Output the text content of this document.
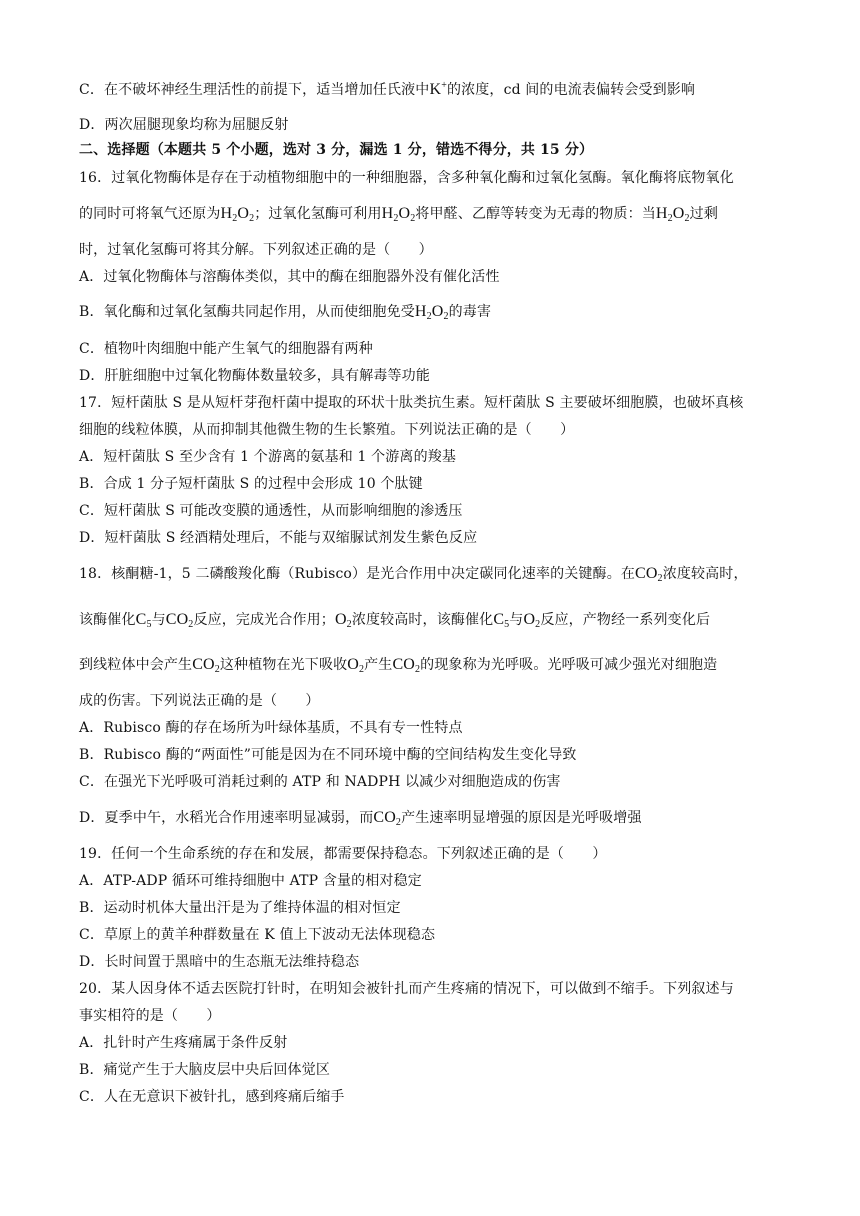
C．在不破坏神经生理活性的前提下，适当增加任氏液中K+的浓度，cd 间的电流表偏转会受到影响
D．两次屈腿现象均称为屈腿反射
二、选择题（本题共 5 个小题，选对 3 分，漏选 1 分，错选不得分，共 15 分）
16．过氧化物酶体是存在于动植物细胞中的一种细胞器，含多种氧化酶和过氧化氢酶。氧化酶将底物氧化
的同时可将氧气还原为$H_2O_2$；过氧化氢酶可利用$H_2O_2$将甲醛、乙醇等转变为无毒的物质：当$H_2O_2$过剩
时，过氧化氢酶可将其分解。下列叙述正确的是（　　）
A．过氧化物酶体与溶酶体类似，其中的酶在细胞器外没有催化活性
B．氧化酶和过氧化氢酶共同起作用，从而使细胞免受$H_2O_2$的毒害
C．植物叶肉细胞中能产生氧气的细胞器有两种
D．肝脏细胞中过氧化物酶体数量较多，具有解毒等功能
17．短杆菌肽 S 是从短杆芽孢杆菌中提取的环状十肽类抗生素。短杆菌肽 S 主要破坏细胞膜，也破坏真核
细胞的线粒体膜，从而抑制其他微生物的生长繁殖。下列说法正确的是（　　）
A．短杆菌肽 S 至少含有 1 个游离的氨基和 1 个游离的羧基
B．合成 1 分子短杆菌肽 S 的过程中会形成 10 个肽键
C．短杆菌肽 S 可能改变膜的通透性，从而影响细胞的渗透压
D．短杆菌肽 S 经酒精处理后，不能与双缩脲试剂发生紫色反应
18．核酮糖-1，5 二磷酸羧化酶（Rubisco）是光合作用中决定碳同化速率的关键酶。在$CO_2$浓度较高时，
该酶催化$C_5$与$CO_2$反应，完成光合作用；$O_2$浓度较高时，该酶催化$C_5$与$O_2$反应，产物经一系列变化后
到线粒体中会产生$CO_2$这种植物在光下吸收$O_2$产生$CO_2$的现象称为光呼吸。光呼吸可减少强光对细胞造
成的伤害。下列说法正确的是（　　）
A．Rubisco 酶的存在场所为叶绿体基质，不具有专一性特点
B．Rubisco 酶的“两面性”可能是因为在不同环境中酶的空间结构发生变化导致
C．在强光下光呼吸可消耗过剩的 ATP 和 NADPH 以减少对细胞造成的伤害
D．夏季中午，水稻光合作用速率明显减弱，而$CO_2$产生速率明显增强的原因是光呼吸增强
19．任何一个生命系统的存在和发展，都需要保持稳态。下列叙述正确的是（　　）
A．ATP-ADP 循环可维持细胞中 ATP 含量的相对稳定
B．运动时机体大量出汗是为了维持体温的相对恒定
C．草原上的黄羊种群数量在 K 值上下波动无法体现稳态
D．长时间置于黑暗中的生态瓶无法维持稳态
20．某人因身体不适去医院打针时，在明知会被针扎而产生疼痛的情况下，可以做到不缩手。下列叙述与
事实相符的是（　　）
A．扎针时产生疼痛属于条件反射
B．痛觉产生于大脑皮层中央后回体觉区
C．人在无意识下被针扎，感到疼痛后缩手
